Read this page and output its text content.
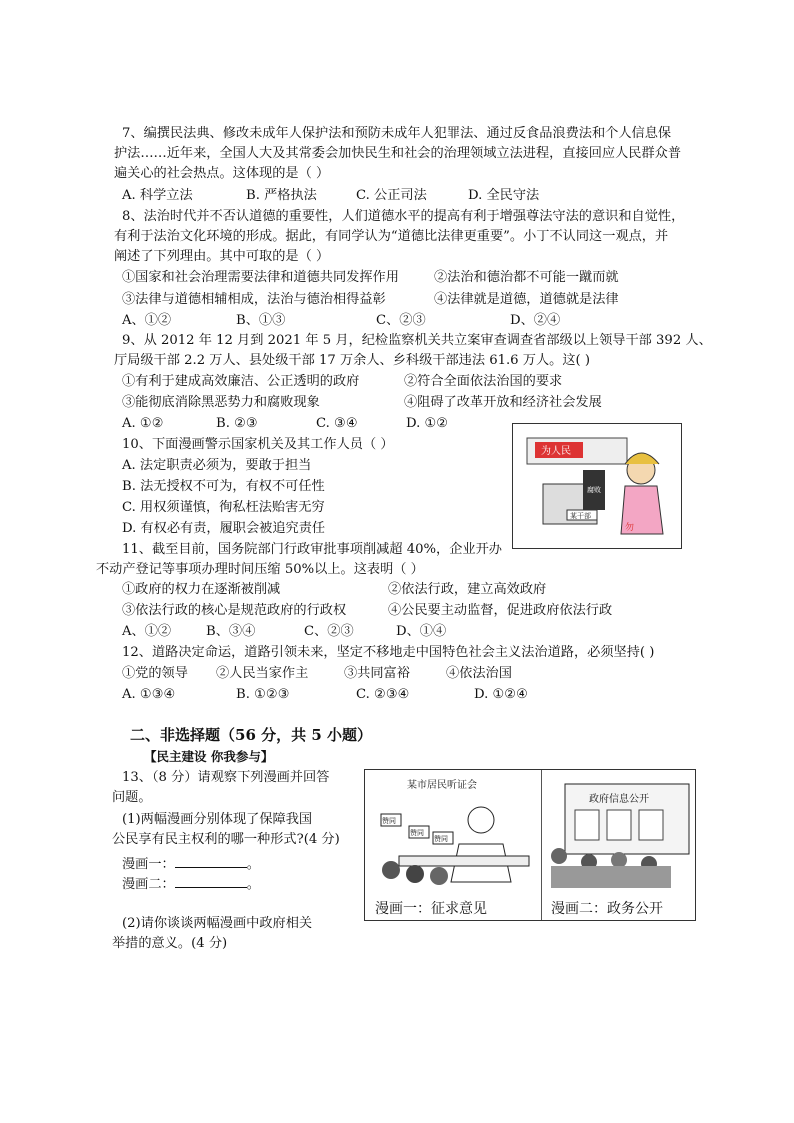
7、编撰民法典、修改未成年人保护法和预防未成年人犯罪法、通过反食品浪费法和个人信息保
护法……近年来，全国人大及其常委会加快民生和社会的治理领域立法进程，直接回应人民群众普
遍关心的社会热点。这体现的是（ ）
A. 科学立法	B. 严格执法	C. 公正司法	D. 全民守法
8、法治时代并不否认道德的重要性，人们道德水平的提高有利于增强尊法守法的意识和自觉性，
有利于法治文化环境的形成。据此，有同学认为“道德比法律更重要”。小丁不认同这一观点，并
阐述了下列理由。其中可取的是（ ）
①国家和社会治理需要法律和道德共同发挥作用	②法治和德治都不可能一蹴而就
③法律与道德相辅相成，法治与德治相得益彰	④法律就是道德，道德就是法律
A、①②	B、①③	C、②③	D、②④
9、从 2012 年 12 月到 2021 年 5 月，纪检监察机关共立案审查调查省部级以上领导干部 392 人、
厅局级干部 2.2 万人、县处级干部 17 万余人、乡科级干部违法 61.6 万人。这( )
①有利于建成高效廉洁、公正透明的政府	②符合全面依法治国的要求
③能彻底消除黑恶势力和腐败现象	④阻碍了改革开放和经济社会发展
A. ①②	B. ②③	C. ③④	D. ①②
10、下面漫画警示国家机关及其工作人员（ ）
A. 法定职责必须为，要敢于担当
B. 法无授权不可为，有权不可任性
C. 用权须谨慎，徇私枉法贻害无穷
D. 有权必有责，履职会被追究责任
为人民
某干部
腐败
勿
11、截至目前，国务院部门行政审批事项削减超 40%，企业开办
不动产登记等事项办理时间压缩 50%以上。这表明（ ）
①政府的权力在逐渐被削减	②依法行政，建立高效政府
③依法行政的核心是规范政府的行政权	④公民要主动监督，促进政府依法行政
A、①②	B、③④	C、②③	D、①④
12、道路决定命运，道路引领未来，坚定不移地走中国特色社会主义法治道路，必须坚持( )
①党的领导 ②人民当家作主	③共同富裕	④依法治国
A. ①③④	B. ①②③	C. ②③④	D. ①②④
二、非选择题（56 分，共 5 小题）
【民主建设 你我参与】
13、（8 分）请观察下列漫画并回答
问题。
(1)两幅漫画分别体现了保障我国
公民享有民主权利的哪一种形式?(4 分)
漫画一：	。
漫画二：	。
(2)请你谈谈两幅漫画中政府相关
举措的意义。(4 分)
某市居民听证会
赞同
赞同
赞同
漫画一：征求意见
政府信息公开
漫画二：政务公开
